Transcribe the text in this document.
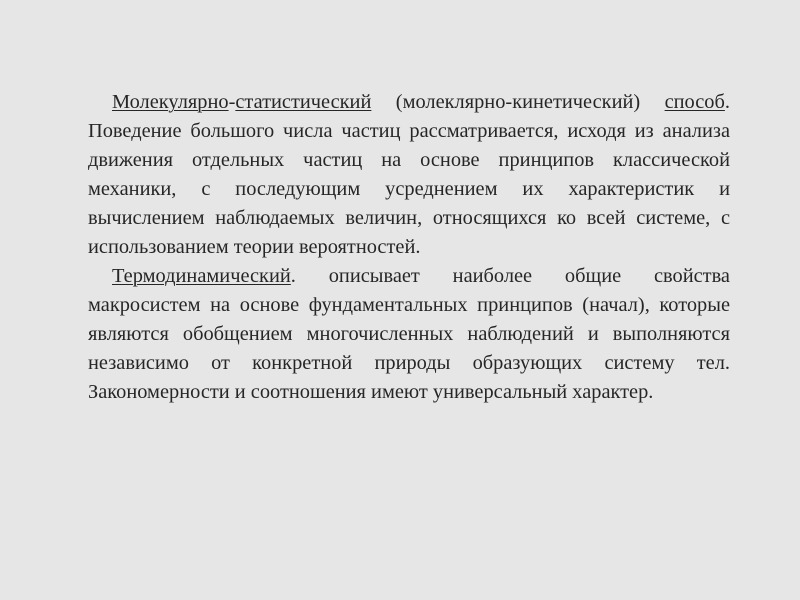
Молекулярно-статистический (молеклярно-кинетический) способ. Поведение большого числа частиц рассматривается, исходя из анализа движения отдельных частиц на основе принципов классической механики, с последующим усреднением их характеристик и вычислением наблюдаемых величин, относящихся ко всей системе, с использованием теории вероятностей.

Термодинамический. описывает наиболее общие свойства макросистем на основе фундаментальных принципов (начал), которые являются обобщением многочисленных наблюдений и выполняются независимо от конкретной природы образующих систему тел. Закономерности и соотношения имеют универсальный характер.
